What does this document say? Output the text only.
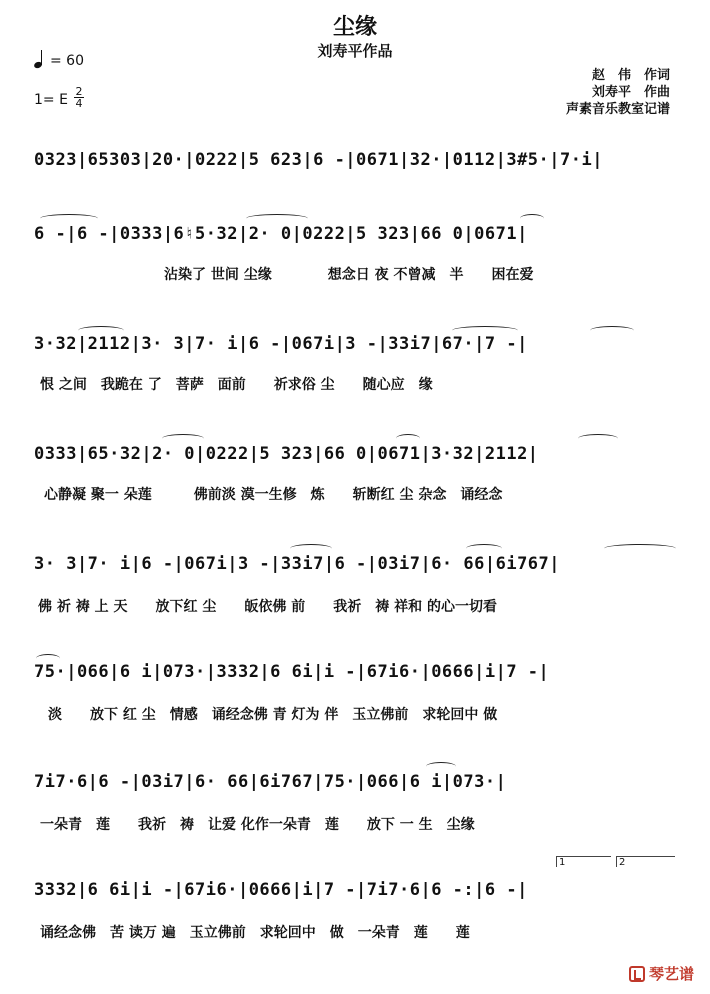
尘缘
刘寿平作品
赵　伟　作词
刘寿平　作曲
声素音乐教室记谱
= 60
1= E
2
4
0323|65303|20·|0222|5 623|6 -|0671|32·|0112|3#5·|7·i|
6 -|6 -|0333|6♮5·32|2· 0|0222|5 323|66 0|0671|
沾染了 世间 尘缘　　　　想念日 夜 不曾减　半　　困在爱
3·32|2112|3· 3|7· i|6 -|067i|3 -|33i7|67·|7 -|
恨 之间　我跪在 了　菩萨　面前　　祈求俗 尘　　随心应　缘
0333|65·32|2· 0|0222|5 323|66 0|0671|3·32|2112|
心静凝 聚一 朵莲　　　佛前淡 漠一生修　炼　　斩断红 尘 杂念　诵经念
3· 3|7· i|6 -|067i|3 -|33i7|6 -|03i7|6· 66|6i767|
佛 祈 祷 上 天　　放下红 尘　　皈依佛 前　　我祈　祷 祥和 的心一切看
75·|066|6 i|073·|3332|6 6i|i -|67i6·|0666|i|7 -|
淡　　放下 红 尘　情感　诵经念佛 青 灯为 伴　玉立佛前　求轮回中 做
7i7·6|6 -|03i7|6· 66|6i767|75·|066|6 i|073·|
一朵青　莲　　我祈　祷　让爱 化作一朵青　莲　　放下 一 生　尘缘
1	2
3332|6 6i|i -|67i6·|0666|i|7 -|7i7·6|6 -:|6 -|
诵经念佛　苦 读万 遍　玉立佛前　求轮回中　做　一朵青　莲　　莲
琴艺谱
